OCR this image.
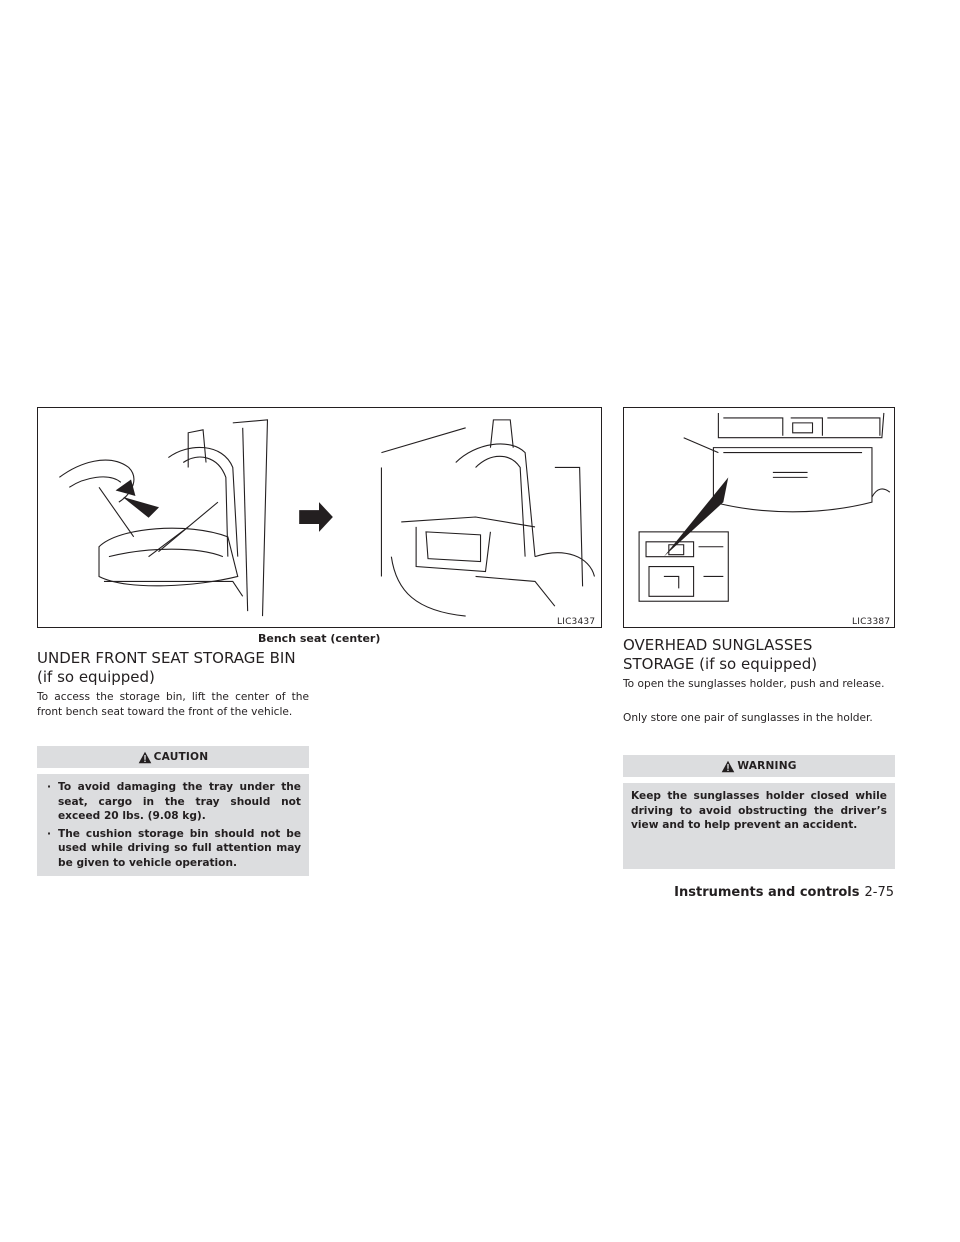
LIC3437
Bench seat (center)
LIC3387
UNDER FRONT SEAT STORAGE BIN
(if so equipped)

To access the storage bin, lift the center of the front bench seat toward the front of the vehicle.

CAUTION
· To avoid damaging the tray under the seat, cargo in the tray should not exceed 20 lbs. (9.08 kg).
· The cushion storage bin should not be used while driving so full attention may be given to vehicle operation.
OVERHEAD SUNGLASSES
STORAGE (if so equipped)

To open the sunglasses holder, push and release.

Only store one pair of sunglasses in the holder.

WARNING

Keep the sunglasses holder closed while driving to avoid obstructing the driver’s view and to help prevent an accident.

Instruments and controls 2-75
